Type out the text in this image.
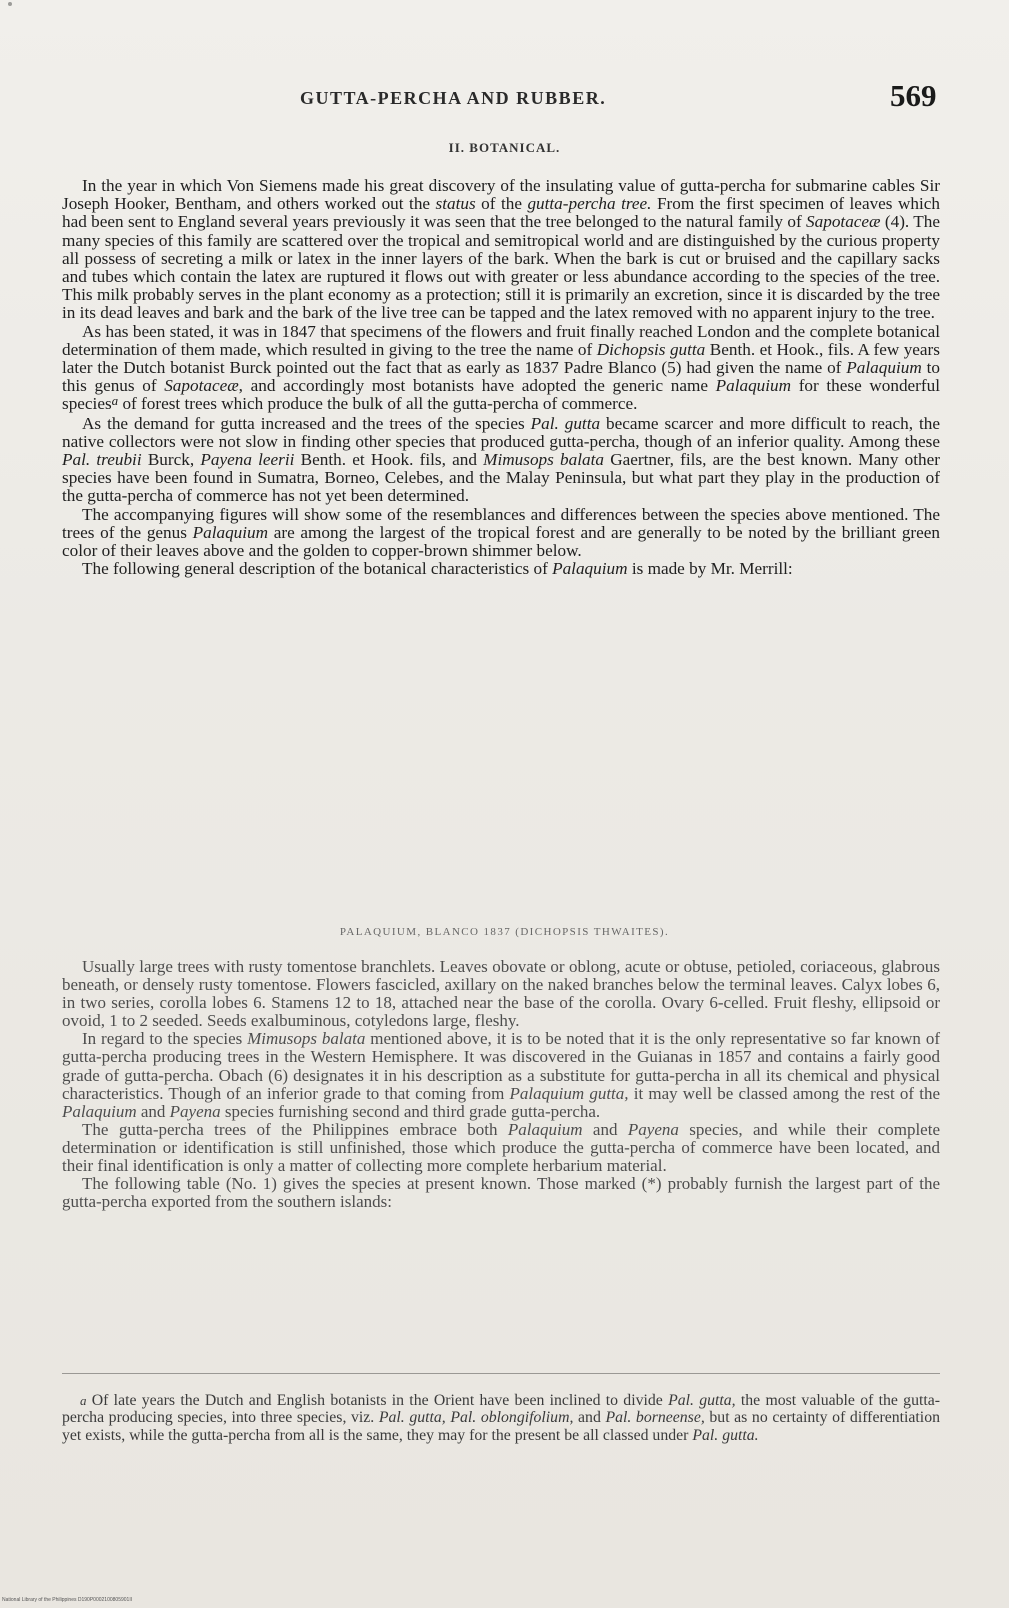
GUTTA-PERCHA AND RUBBER.	569
II. BOTANICAL.

In the year in which Von Siemens made his great discovery of the insulating value of gutta-percha for submarine cables Sir Joseph Hooker, Bentham, and others worked out the status of the gutta-percha tree. From the first specimen of leaves which had been sent to England several years previously it was seen that the tree belonged to the natural family of Sapotaceæ (4). The many species of this family are scattered over the tropical and semitropical world and are distinguished by the curious property all possess of secreting a milk or latex in the inner layers of the bark. When the bark is cut or bruised and the capillary sacks and tubes which contain the latex are ruptured it flows out with greater or less abundance according to the species of the tree. This milk probably serves in the plant economy as a protection; still it is primarily an excretion, since it is discarded by the tree in its dead leaves and bark and the bark of the live tree can be tapped and the latex removed with no apparent injury to the tree.

As has been stated, it was in 1847 that specimens of the flowers and fruit finally reached London and the complete botanical determination of them made, which resulted in giving to the tree the name of Dichopsis gutta Benth. et Hook., fils. A few years later the Dutch botanist Burck pointed out the fact that as early as 1837 Padre Blanco (5) had given the name of Palaquium to this genus of Sapotaceæ, and accordingly most botanists have adopted the generic name Palaquium for these wonderful species$^a$ of forest trees which produce the bulk of all the gutta-percha of commerce.

As the demand for gutta increased and the trees of the species Pal. gutta became scarcer and more difficult to reach, the native collectors were not slow in finding other species that produced gutta-percha, though of an inferior quality. Among these Pal. treubii Burck, Payena leerii Benth. et Hook. fils, and Mimusops balata Gaertner, fils, are the best known. Many other species have been found in Sumatra, Borneo, Celebes, and the Malay Peninsula, but what part they play in the production of the gutta-percha of commerce has not yet been determined.

The accompanying figures will show some of the resemblances and differences between the species above mentioned. The trees of the genus Palaquium are among the largest of the tropical forest and are generally to be noted by the brilliant green color of their leaves above and the golden to copper-brown shimmer below.

The following general description of the botanical characteristics of Palaquium is made by Mr. Merrill:

PALAQUIUM, BLANCO 1837 (DICHOPSIS THWAITES).

Usually large trees with rusty tomentose branchlets. Leaves obovate or oblong, acute or obtuse, petioled, coriaceous, glabrous beneath, or densely rusty tomentose. Flowers fascicled, axillary on the naked branches below the terminal leaves. Calyx lobes 6, in two series, corolla lobes 6. Stamens 12 to 18, attached near the base of the corolla. Ovary 6-celled. Fruit fleshy, ellipsoid or ovoid, 1 to 2 seeded. Seeds exalbuminous, cotyledons large, fleshy.

In regard to the species Mimusops balata mentioned above, it is to be noted that it is the only representative so far known of gutta-percha producing trees in the Western Hemisphere. It was discovered in the Guianas in 1857 and contains a fairly good grade of gutta-percha. Obach (6) designates it in his description as a substitute for gutta-percha in all its chemical and physical characteristics. Though of an inferior grade to that coming from Palaquium gutta, it may well be classed among the rest of the Palaquium and Payena species furnishing second and third grade gutta-percha.

The gutta-percha trees of the Philippines embrace both Palaquium and Payena species, and while their complete determination or identification is still unfinished, those which produce the gutta-percha of commerce have been located, and their final identification is only a matter of collecting more complete herbarium material.

The following table (No. 1) gives the species at present known. Those marked (*) probably furnish the largest part of the gutta-percha exported from the southern islands:

a Of late years the Dutch and English botanists in the Orient have been inclined to divide Pal. gutta, the most valuable of the gutta-percha producing species, into three species, viz. Pal. gutta, Pal. oblongifolium, and Pal. borneense, but as no certainty of differentiation yet exists, while the gutta-percha from all is the same, they may for the present be all classed under Pal. gutta.

National Library of the Philippines D190P0002100805901II
